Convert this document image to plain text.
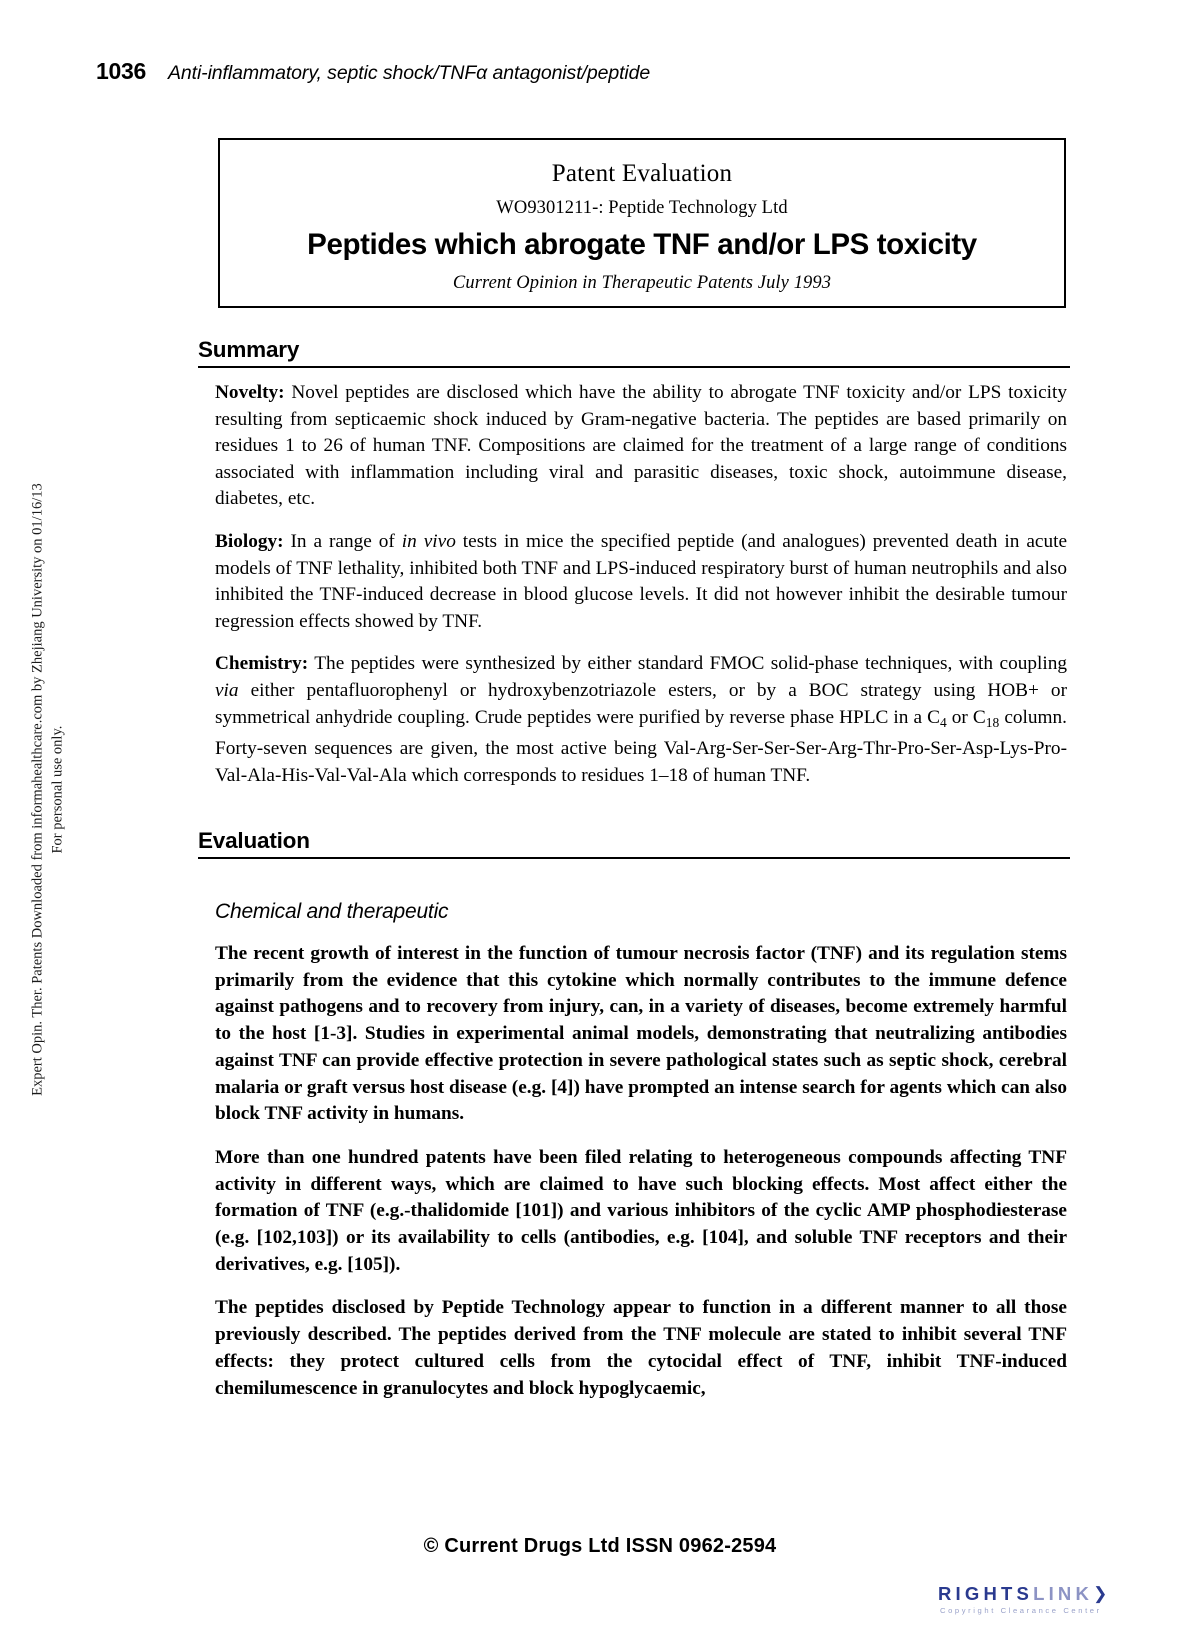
1036 Anti-inflammatory, septic shock/TNFα antagonist/peptide
Expert Opin. Ther. Patents Downloaded from informahealthcare.com by Zhejiang University on 01/16/13 For personal use only.
Patent Evaluation
WO9301211-: Peptide Technology Ltd
Peptides which abrogate TNF and/or LPS toxicity
Current Opinion in Therapeutic Patents July 1993
Summary

Novelty: Novel peptides are disclosed which have the ability to abrogate TNF toxicity and/or LPS toxicity resulting from septicaemic shock induced by Gram-negative bacteria. The peptides are based primarily on residues 1 to 26 of human TNF. Compositions are claimed for the treatment of a large range of conditions associated with inflammation including viral and parasitic diseases, toxic shock, autoimmune disease, diabetes, etc.

Biology: In a range of in vivo tests in mice the specified peptide (and analogues) prevented death in acute models of TNF lethality, inhibited both TNF and LPS-induced respiratory burst of human neutrophils and also inhibited the TNF-induced decrease in blood glucose levels. It did not however inhibit the desirable tumour regression effects showed by TNF.

Chemistry: The peptides were synthesized by either standard FMOC solid-phase techniques, with coupling via either pentafluorophenyl or hydroxybenzotriazole esters, or by a BOC strategy using HOB+ or symmetrical anhydride coupling. Crude peptides were purified by reverse phase HPLC in a $C_4$ or $C_{18}$ column. Forty-seven sequences are given, the most active being Val-Arg-Ser-Ser-Ser-Arg-Thr-Pro-Ser-Asp-Lys-Pro-Val-Ala-His-Val-Val-Ala which corresponds to residues 1–18 of human TNF.

Evaluation
Chemical and therapeutic

The recent growth of interest in the function of tumour necrosis factor (TNF) and its regulation stems primarily from the evidence that this cytokine which normally contributes to the immune defence against pathogens and to recovery from injury, can, in a variety of diseases, become extremely harmful to the host [1-3]. Studies in experimental animal models, demonstrating that neutralizing antibodies against TNF can provide effective protection in severe pathological states such as septic shock, cerebral malaria or graft versus host disease (e.g. [4]) have prompted an intense search for agents which can also block TNF activity in humans.

More than one hundred patents have been filed relating to heterogeneous compounds affecting TNF activity in different ways, which are claimed to have such blocking effects. Most affect either the formation of TNF (e.g.-thalidomide [101]) and various inhibitors of the cyclic AMP phosphodiesterase (e.g. [102,103]) or its availability to cells (antibodies, e.g. [104], and soluble TNF receptors and their derivatives, e.g. [105]).

The peptides disclosed by Peptide Technology appear to function in a different manner to all those previously described. The peptides derived from the TNF molecule are stated to inhibit several TNF effects: they protect cultured cells from the cytocidal effect of TNF, inhibit TNF-induced chemilumescence in granulocytes and block hypoglycaemic,

© Current Drugs Ltd ISSN 0962-2594
RIGHTSLINK❯
Copyright Clearance Center
